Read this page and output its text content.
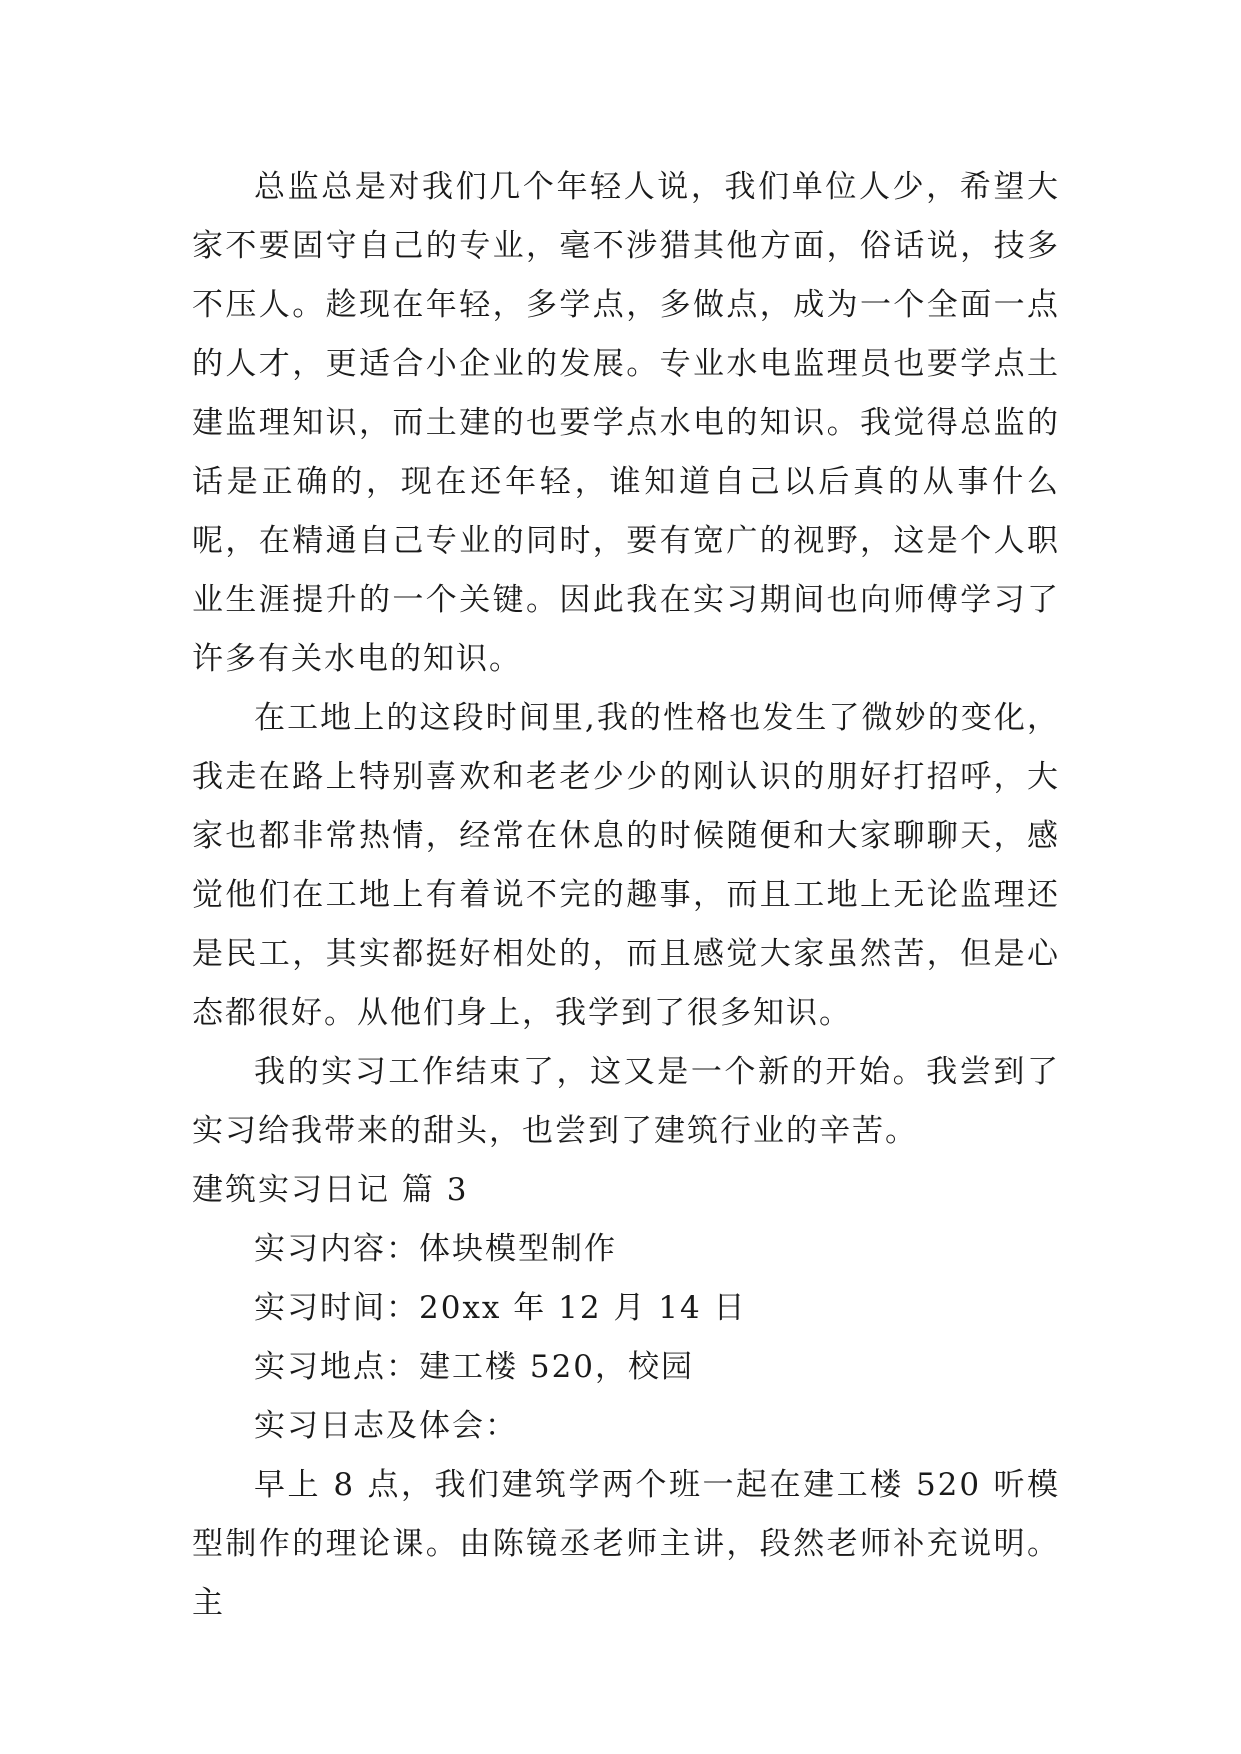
总监总是对我们几个年轻人说，我们单位人少，希望大家不要固守自己的专业，毫不涉猎其他方面，俗话说，技多不压人。趁现在年轻，多学点，多做点，成为一个全面一点的人才，更适合小企业的发展。专业水电监理员也要学点土建监理知识，而土建的也要学点水电的知识。我觉得总监的话是正确的，现在还年轻，谁知道自己以后真的从事什么呢，在精通自己专业的同时，要有宽广的视野，这是个人职业生涯提升的一个关键。因此我在实习期间也向师傅学习了许多有关水电的知识。

在工地上的这段时间里,我的性格也发生了微妙的变化，我走在路上特别喜欢和老老少少的刚认识的朋好打招呼，大家也都非常热情，经常在休息的时候随便和大家聊聊天，感觉他们在工地上有着说不完的趣事，而且工地上无论监理还是民工，其实都挺好相处的，而且感觉大家虽然苦，但是心态都很好。从他们身上，我学到了很多知识。

我的实习工作结束了，这又是一个新的开始。我尝到了实习给我带来的甜头，也尝到了建筑行业的辛苦。

建筑实习日记 篇 3

实习内容：体块模型制作

实习时间：20xx 年 12 月 14 日

实习地点：建工楼 520，校园

实习日志及体会：

早上 8 点，我们建筑学两个班一起在建工楼 520 听模型制作的理论课。由陈镜丞老师主讲，段然老师补充说明。主
